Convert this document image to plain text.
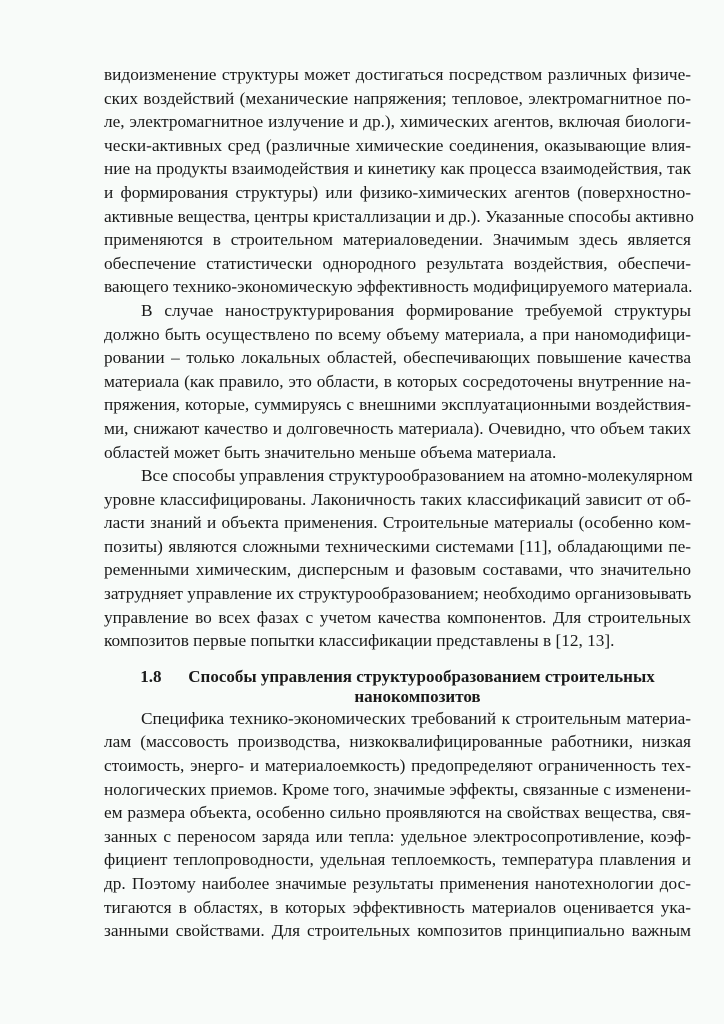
видоизменение структуры может достигаться посредством различных физиче-
ских воздействий (механические напряжения; тепловое, электромагнитное по-
ле, электромагнитное излучение и др.), химических агентов, включая биологи-
чески-активных сред (различные химические соединения, оказывающие влия-
ние на продукты взаимодействия и кинетику как процесса взаимодействия, так
и формирования структуры) или физико-химических агентов (поверхностно-
активные вещества, центры кристаллизации и др.). Указанные способы активно
применяются в строительном материаловедении. Значимым здесь является
обеспечение статистически однородного результата воздействия, обеспечи-
вающего технико-экономическую эффективность модифицируемого материала.
В случае наноструктурирования формирование требуемой структуры
должно быть осуществлено по всему объему материала, а при наномодифици-
ровании – только локальных областей, обеспечивающих повышение качества
материала (как правило, это области, в которых сосредоточены внутренние на-
пряжения, которые, суммируясь с внешними эксплуатационными воздействия-
ми, снижают качество и долговечность материала). Очевидно, что объем таких
областей может быть значительно меньше объема материала.
Все способы управления структурообразованием на атомно-молекулярном
уровне классифицированы. Лаконичность таких классификаций зависит от об-
ласти знаний и объекта применения. Строительные материалы (особенно ком-
позиты) являются сложными техническими системами [11], обладающими пе-
ременными химическим, дисперсным и фазовым составами, что значительно
затрудняет управление их структурообразованием; необходимо организовывать
управление во всех фазах с учетом качества компонентов. Для строительных
композитов первые попытки классификации представлены в [12, 13].
1.8	Способы управления структурообразованием строительных
нанокомпозитов
Специфика технико-экономических требований к строительным материа-
лам (массовость производства, низкоквалифицированные работники, низкая
стоимость, энерго- и материалоемкость) предопределяют ограниченность тех-
нологических приемов. Кроме того, значимые эффекты, связанные с изменени-
ем размера объекта, особенно сильно проявляются на свойствах вещества, свя-
занных с переносом заряда или тепла: удельное электросопротивление, коэф-
фициент теплопроводности, удельная теплоемкость, температура плавления и
др. Поэтому наиболее значимые результаты применения нанотехнологии дос-
тигаются в областях, в которых эффективность материалов оценивается ука-
занными свойствами. Для строительных композитов принципиально важным
